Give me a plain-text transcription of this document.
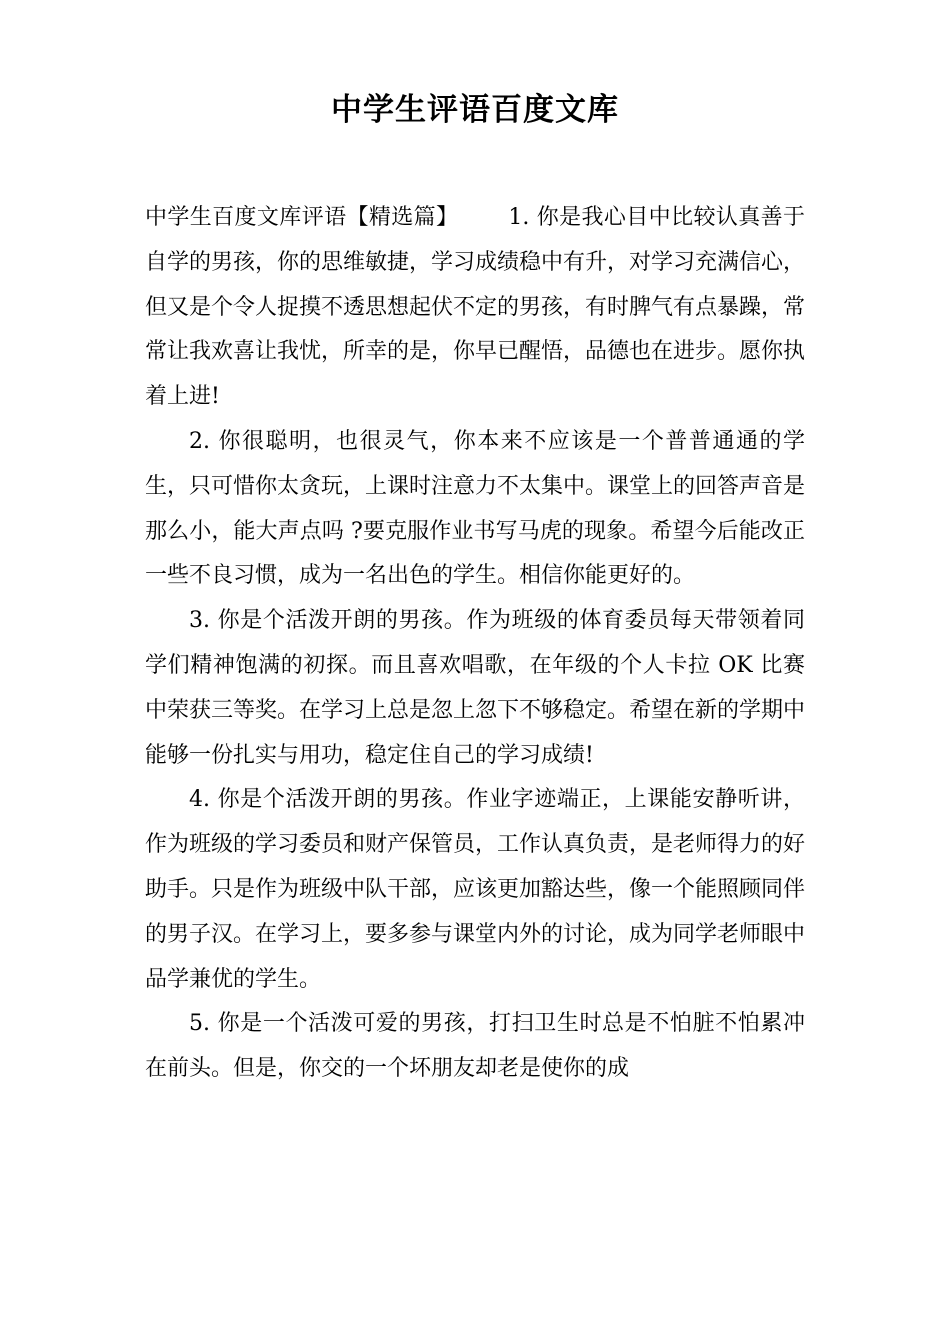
中学生评语百度文库

中学生百度文库评语【精选篇】 1. 你是我心目中比较认真善于自学的男孩，你的思维敏捷，学习成绩稳中有升，对学习充满信心，但又是个令人捉摸不透思想起伏不定的男孩，有时脾气有点暴躁，常常让我欢喜让我忧，所幸的是，你早已醒悟，品德也在进步。愿你执着上进!

2. 你很聪明，也很灵气，你本来不应该是一个普普通通的学生，只可惜你太贪玩，上课时注意力不太集中。课堂上的回答声音是那么小，能大声点吗 ?要克服作业书写马虎的现象。希望今后能改正一些不良习惯，成为一名出色的学生。相信你能更好的。

3. 你是个活泼开朗的男孩。作为班级的体育委员每天带领着同学们精神饱满的初探。而且喜欢唱歌，在年级的个人卡拉 OK 比赛中荣获三等奖。在学习上总是忽上忽下不够稳定。希望在新的学期中能够一份扎实与用功，稳定住自己的学习成绩!

4. 你是个活泼开朗的男孩。作业字迹端正，上课能安静听讲，作为班级的学习委员和财产保管员，工作认真负责，是老师得力的好助手。只是作为班级中队干部，应该更加豁达些，像一个能照顾同伴的男子汉。在学习上，要多参与课堂内外的讨论，成为同学老师眼中品学兼优的学生。

5. 你是一个活泼可爱的男孩，打扫卫生时总是不怕脏不怕累冲在前头。但是，你交的一个坏朋友却老是使你的成
